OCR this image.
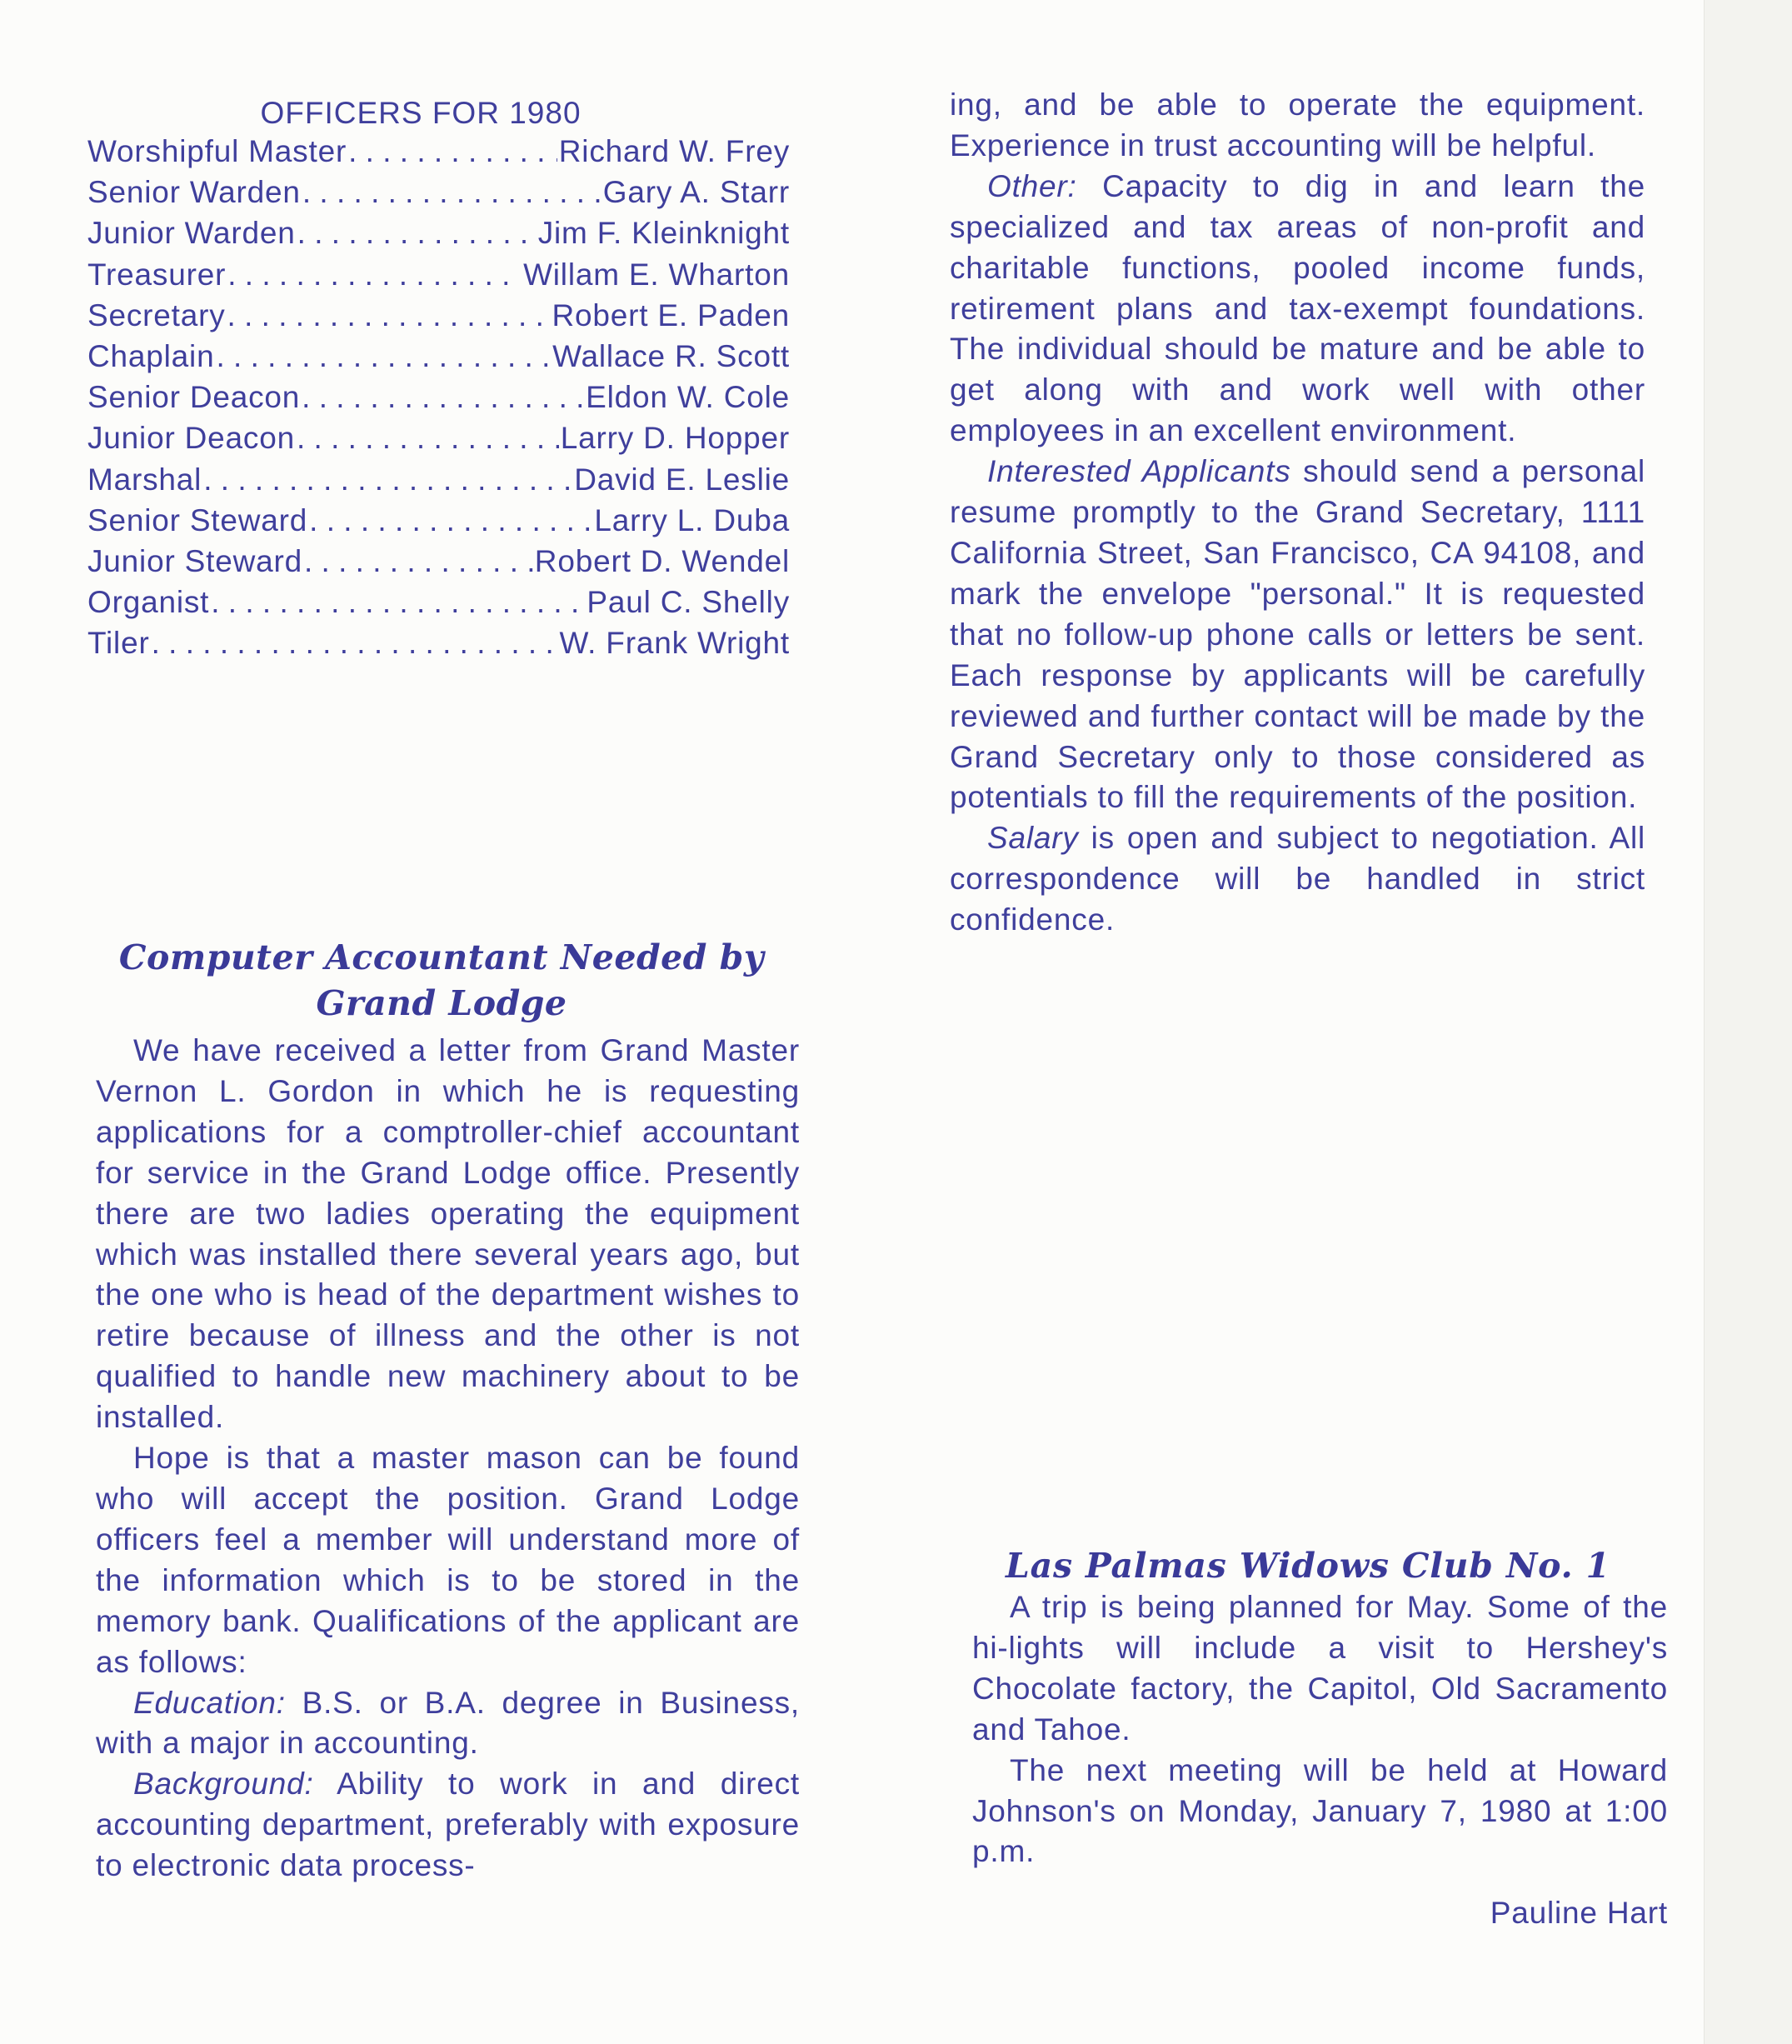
OFFICERS FOR 1980
Worshipful Master . . .	Richard W. Frey
Senior Warden . . .	Gary A. Starr
Junior Warden . . .	Jim F. Kleinknight
Treasurer . . .	Willam E. Wharton
Secretary . . .	Robert E. Paden
Chaplain . . .	Wallace R. Scott
Senior Deacon . . .	Eldon W. Cole
Junior Deacon . . .	Larry D. Hopper
Marshal . . .	David E. Leslie
Senior Steward . . .	Larry L. Duba
Junior Steward . . .	Robert D. Wendel
Organist . . .	Paul C. Shelly
Tiler . . .	W. Frank Wright
Computer Accountant Needed by
Grand Lodge

We have received a letter from Grand Master Vernon L. Gordon in which he is requesting applications for a comptroller-chief accountant for service in the Grand Lodge office. Presently there are two ladies operating the equipment which was installed there several years ago, but the one who is head of the department wishes to retire because of illness and the other is not qualified to handle new machinery about to be installed.

Hope is that a master mason can be found who will accept the position. Grand Lodge officers feel a member will understand more of the information which is to be stored in the memory bank. Qualifications of the applicant are as follows:

Education: B.S. or B.A. degree in Business, with a major in accounting.

Background: Ability to work in and direct accounting department, preferably with exposure to electronic data process-

ing, and be able to operate the equipment. Experience in trust accounting will be helpful.

Other: Capacity to dig in and learn the specialized and tax areas of non-profit and charitable functions, pooled income funds, retirement plans and tax-exempt foundations. The individual should be mature and be able to get along with and work well with other employees in an excellent environment.

Interested Applicants should send a personal resume promptly to the Grand Secretary, 1111 California Street, San Francisco, CA 94108, and mark the envelope "personal." It is requested that no follow-up phone calls or letters be sent. Each response by applicants will be carefully reviewed and further contact will be made by the Grand Secretary only to those considered as potentials to fill the requirements of the position.

Salary is open and subject to negotiation. All correspondence will be handled in strict confidence.

Las Palmas Widows Club No. 1

A trip is being planned for May. Some of the hi-lights will include a visit to Hershey's Chocolate factory, the Capitol, Old Sacramento and Tahoe.

The next meeting will be held at Howard Johnson's on Monday, January 7, 1980 at 1:00 p.m.

Pauline Hart
